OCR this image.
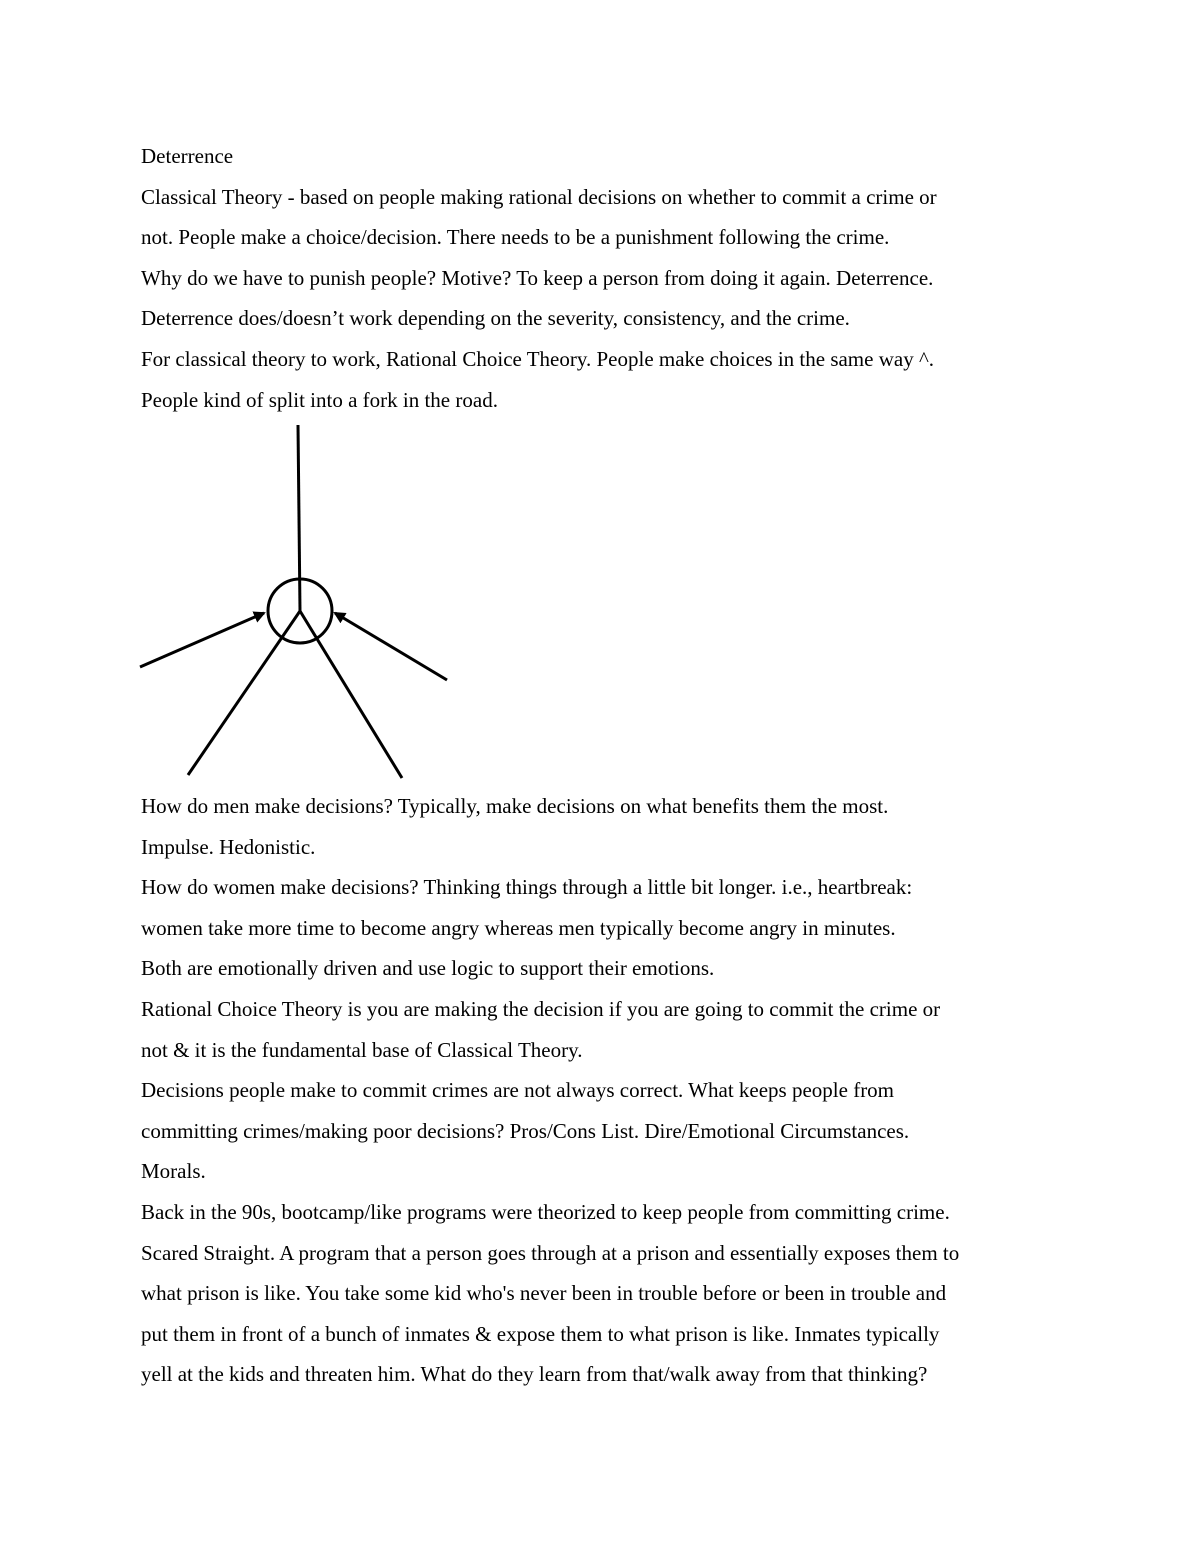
Deterrence

Classical Theory - based on people making rational decisions on whether to commit a crime or

not. People make a choice/decision. There needs to be a punishment following the crime.

Why do we have to punish people? Motive? To keep a person from doing it again. Deterrence.

Deterrence does/doesn’t work depending on the severity, consistency, and the crime.

For classical theory to work, Rational Choice Theory. People make choices in the same way ^.

People kind of split into a fork in the road.

How do men make decisions? Typically, make decisions on what benefits them the most.

Impulse. Hedonistic.

How do women make decisions? Thinking things through a little bit longer. i.e., heartbreak:

women take more time to become angry whereas men typically become angry in minutes.

Both are emotionally driven and use logic to support their emotions.

Rational Choice Theory is you are making the decision if you are going to commit the crime or

not & it is the fundamental base of Classical Theory.

Decisions people make to commit crimes are not always correct. What keeps people from

committing crimes/making poor decisions? Pros/Cons List. Dire/Emotional Circumstances.

Morals.

Back in the 90s, bootcamp/like programs were theorized to keep people from committing crime.

Scared Straight. A program that a person goes through at a prison and essentially exposes them to

what prison is like. You take some kid who's never been in trouble before or been in trouble and

put them in front of a bunch of inmates & expose them to what prison is like. Inmates typically

yell at the kids and threaten him. What do they learn from that/walk away from that thinking?
